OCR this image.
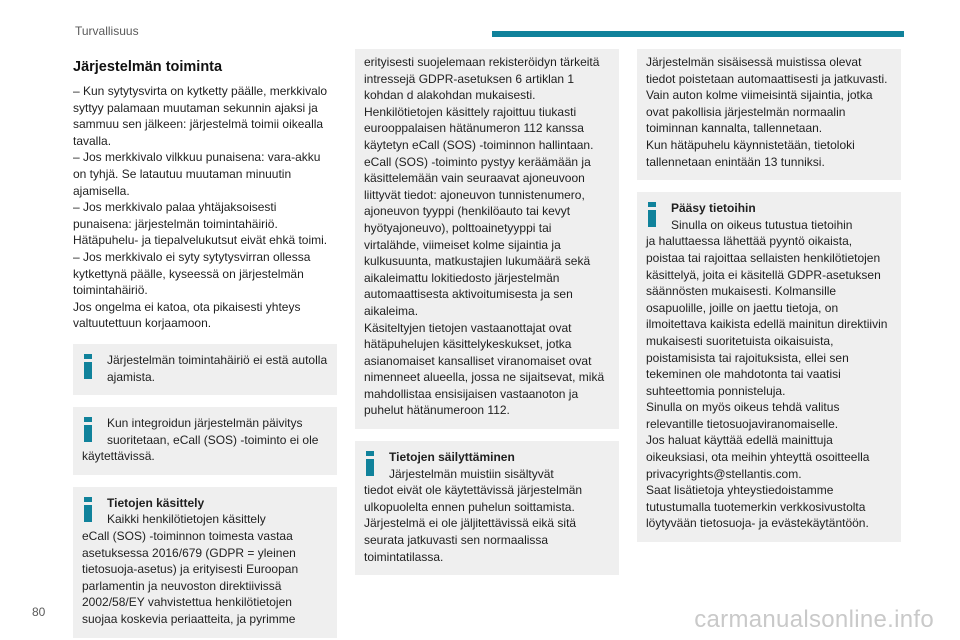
Turvallisuus
Järjestelmän toiminta

– Kun sytytysvirta on kytketty päälle, merkkivalo syttyy palamaan muutaman sekunnin ajaksi ja sammuu sen jälkeen: järjestelmä toimii oikealla tavalla.
– Jos merkkivalo vilkkuu punaisena: vara-akku on tyhjä. Se latautuu muutaman minuutin ajamisella.
– Jos merkkivalo palaa yhtäjaksoisesti punaisena: järjestelmän toimintahäiriö. Hätäpuhelu- ja tiepalvelukutsut eivät ehkä toimi.
– Jos merkkivalo ei syty sytytysvirran ollessa kytkettynä päälle, kyseessä on järjestelmän toimintahäiriö.
Jos ongelma ei katoa, ota pikaisesti yhteys valtuutettuun korjaamoon.

Järjestelmän toimintahäiriö ei estä autolla
ajamista.
Kun integroidun järjestelmän päivitys
suoritetaan, eCall (SOS) -toiminto ei ole käytettävissä.
Tietojen käsittely
Kaikki henkilötietojen käsittely
eCall (SOS) -toiminnon toimesta vastaa asetuksessa 2016/679 (GDPR = yleinen tietosuoja-asetus) ja erityisesti Euroopan parlamentin ja neuvoston direktiivissä 2002/58/EY vahvistettua henkilötietojen suojaa koskevia periaatteita, ja pyrimme
erityisesti suojelemaan rekisteröidyn tärkeitä intressejä GDPR-asetuksen 6 artiklan 1 kohdan d alakohdan mukaisesti.
Henkilötietojen käsittely rajoittuu tiukasti eurooppalaisen hätänumeron 112 kanssa käytetyn eCall (SOS) -toiminnon hallintaan.
eCall (SOS) -toiminto pystyy keräämään ja käsittelemään vain seuraavat ajoneuvoon liittyvät tiedot: ajoneuvon tunnistenumero, ajoneuvon tyyppi (henkilöauto tai kevyt hyötyajoneuvo), polttoainetyyppi tai virtalähde, viimeiset kolme sijaintia ja kulkusuunta, matkustajien lukumäärä sekä aikaleimattu lokitiedosto järjestelmän automaattisesta aktivoitumisesta ja sen aikaleima.
Käsiteltyjen tietojen vastaanottajat ovat hätäpuhelujen käsittelykeskukset, jotka asianomaiset kansalliset viranomaiset ovat nimenneet alueella, jossa ne sijaitsevat, mikä mahdollistaa ensisijaisen vastaanoton ja puhelut hätänumeroon 112.
Tietojen säilyttäminen
Järjestelmän muistiin sisältyvät
tiedot eivät ole käytettävissä järjestelmän ulkopuolelta ennen puhelun soittamista. Järjestelmä ei ole jäljitettävissä eikä sitä seurata jatkuvasti sen normaalissa toimintatilassa.
Järjestelmän sisäisessä muistissa olevat tiedot poistetaan automaattisesti ja jatkuvasti. Vain auton kolme viimeisintä sijaintia, jotka ovat pakollisia järjestelmän normaalin toiminnan kannalta, tallennetaan.
Kun hätäpuhelu käynnistetään, tietoloki tallennetaan enintään 13 tunniksi.
Pääsy tietoihin
Sinulla on oikeus tutustua tietoihin
ja haluttaessa lähettää pyyntö oikaista, poistaa tai rajoittaa sellaisten henkilötietojen käsittelyä, joita ei käsitellä GDPR-asetuksen säännösten mukaisesti. Kolmansille osapuolille, joille on jaettu tietoja, on ilmoitettava kaikista edellä mainitun direktiivin mukaisesti suoritetuista oikaisuista, poistamisista tai rajoituksista, ellei sen tekeminen ole mahdotonta tai vaatisi suhteettomia ponnisteluja.
Sinulla on myös oikeus tehdä valitus relevantille tietosuojaviranomaiselle.
Jos haluat käyttää edellä mainittuja oikeuksiasi, ota meihin yhteyttä osoitteella privacyrights@stellantis.com.
Saat lisätietoja yhteystiedoistamme tutustumalla tuotemerkin verkkosivustolta löytyvään tietosuoja- ja evästekäytäntöön.
80	carmanualsonline.info
